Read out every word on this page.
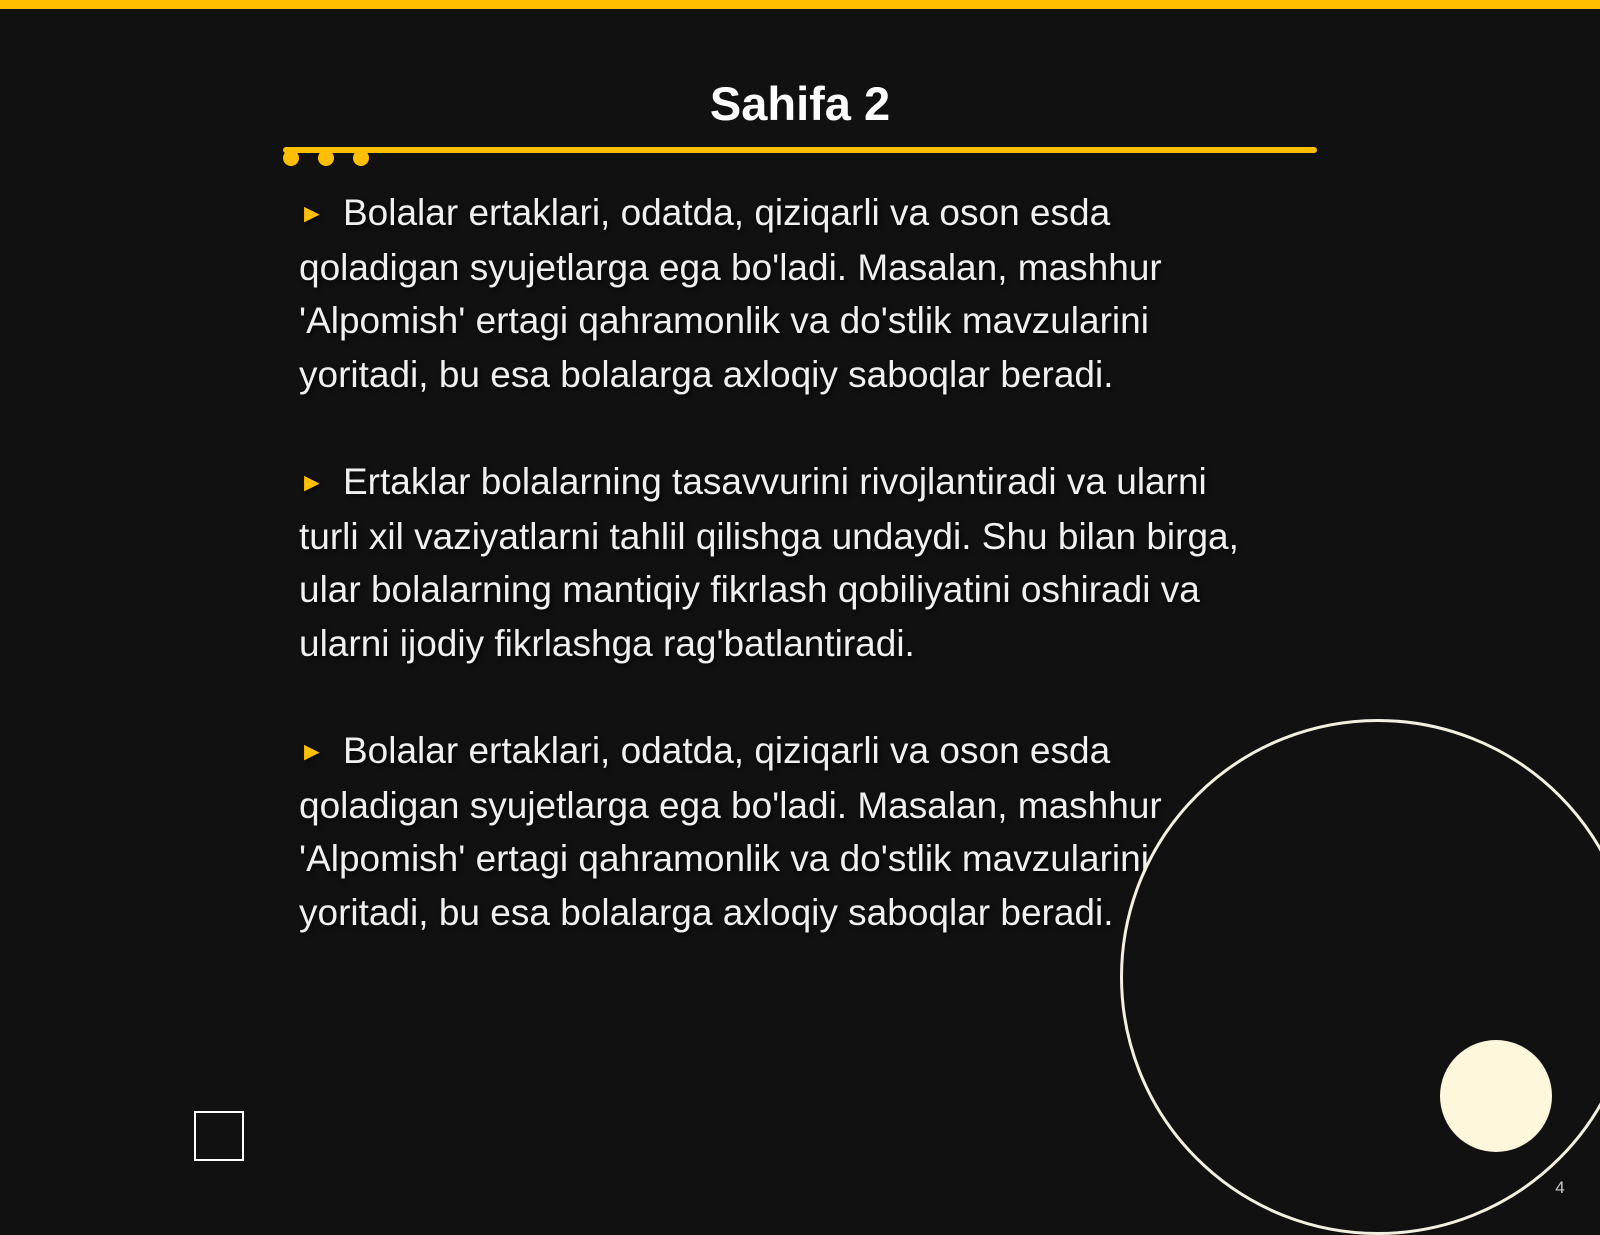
Sahifa 2

► Bolalar ertaklari, odatda, qiziqarli va oson esda qoladigan syujetlarga ega bo'ladi. Masalan, mashhur 'Alpomish' ertagi qahramonlik va do'stlik mavzularini yoritadi, bu esa bolalarga axloqiy saboqlar beradi.

► Ertaklar bolalarning tasavvurini rivojlantiradi va ularni turli xil vaziyatlarni tahlil qilishga undaydi. Shu bilan birga, ular bolalarning mantiqiy fikrlash qobiliyatini oshiradi va ularni ijodiy fikrlashga rag'batlantiradi.

► Bolalar ertaklari, odatda, qiziqarli va oson esda qoladigan syujetlarga ega bo'ladi. Masalan, mashhur 'Alpomish' ertagi qahramonlik va do'stlik mavzularini yoritadi, bu esa bolalarga axloqiy saboqlar beradi.

4
